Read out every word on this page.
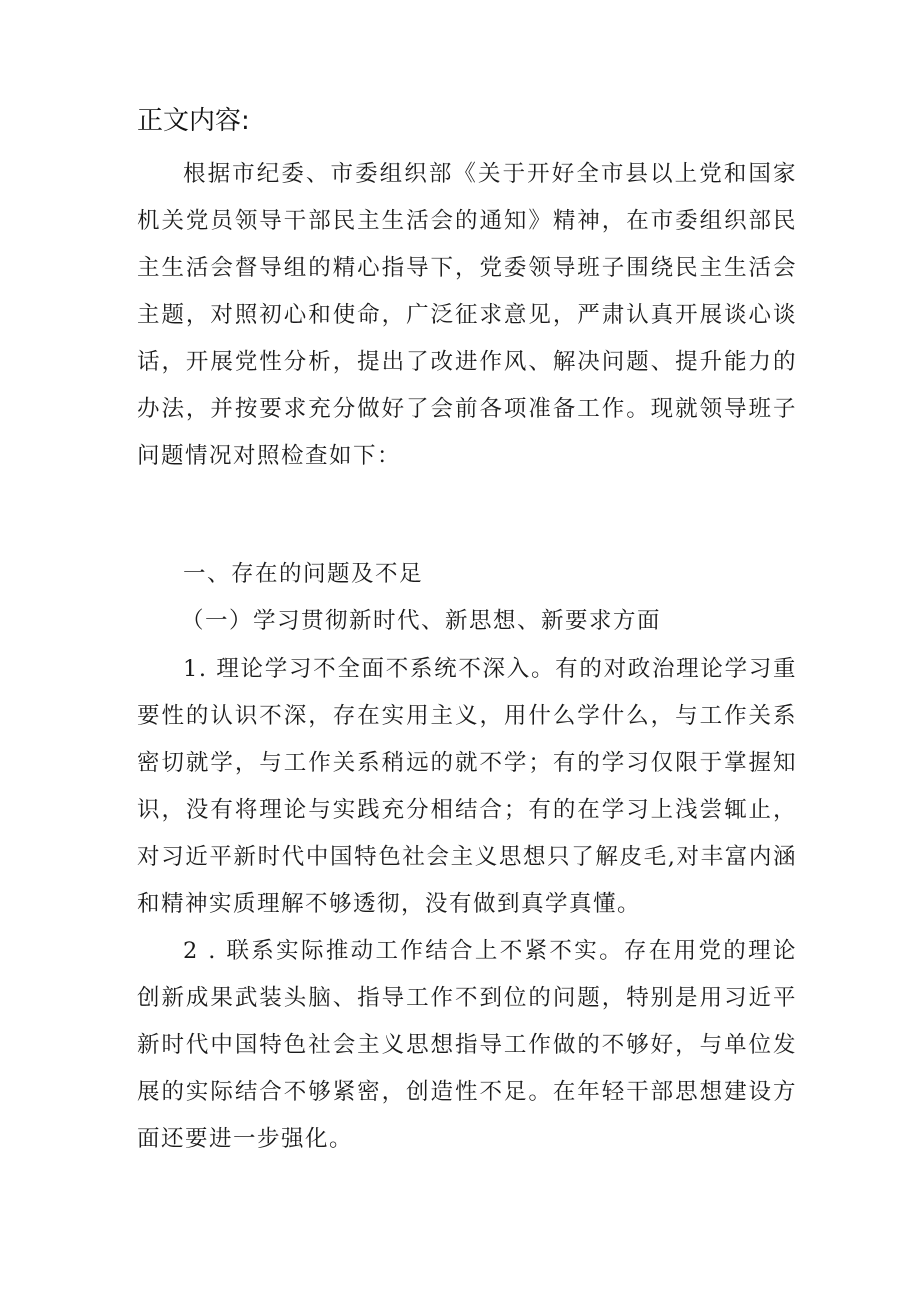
正文内容:

根据市纪委、市委组织部《关于开好全市县以上党和国家机关党员领导干部民主生活会的通知》精神，在市委组织部民主生活会督导组的精心指导下，党委领导班子围绕民主生活会主题，对照初心和使命，广泛征求意见，严肃认真开展谈心谈话，开展党性分析，提出了改进作风、解决问题、提升能力的办法，并按要求充分做好了会前各项准备工作。现就领导班子问题情况对照检查如下：

一、存在的问题及不足

（一）学习贯彻新时代、新思想、新要求方面

1. 理论学习不全面不系统不深入。有的对政治理论学习重要性的认识不深，存在实用主义，用什么学什么，与工作关系密切就学，与工作关系稍远的就不学；有的学习仅限于掌握知识，没有将理论与实践充分相结合；有的在学习上浅尝辄止，对习近平新时代中国特色社会主义思想只了解皮毛,对丰富内涵和精神实质理解不够透彻，没有做到真学真懂。

2 . 联系实际推动工作结合上不紧不实。存在用党的理论创新成果武装头脑、指导工作不到位的问题，特别是用习近平新时代中国特色社会主义思想指导工作做的不够好，与单位发展的实际结合不够紧密，创造性不足。在年轻干部思想建设方面还要进一步强化。
